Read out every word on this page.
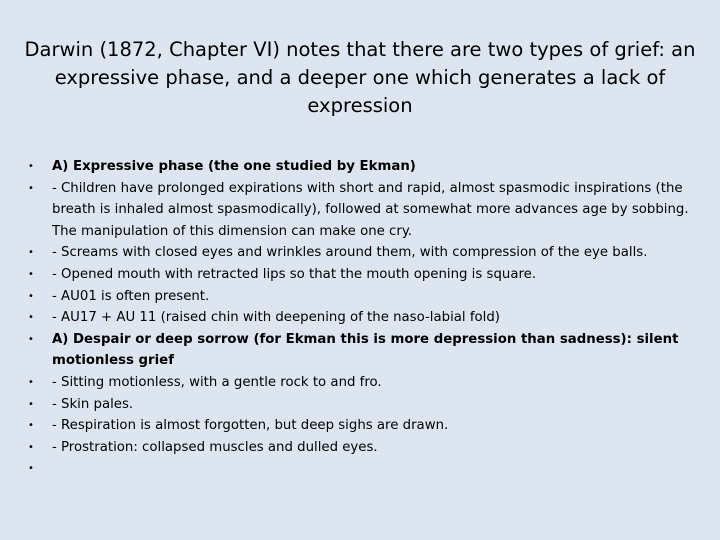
Darwin (1872, Chapter VI) notes that there are two types of grief: an expressive phase, and a deeper one which generates a lack of expression
• A) Expressive phase (the one studied by Ekman)
• - Children have prolonged expirations with short and rapid, almost spasmodic inspirations (the breath is inhaled almost spasmodically), followed at somewhat more advances age by sobbing. The manipulation of this dimension can make one cry.
• - Screams with closed eyes and wrinkles around them, with compression of the eye balls.
• - Opened mouth with retracted lips so that the mouth opening is square.
• - AU01 is often present.
• - AU17 + AU 11 (raised chin with deepening of the naso-labial fold)
• A) Despair or deep sorrow (for Ekman this is more depression than sadness): silent motionless grief
• - Sitting motionless, with a gentle rock to and fro.
• - Skin pales.
• - Respiration is almost forgotten, but deep sighs are drawn.
• - Prostration: collapsed muscles and dulled eyes.
•
